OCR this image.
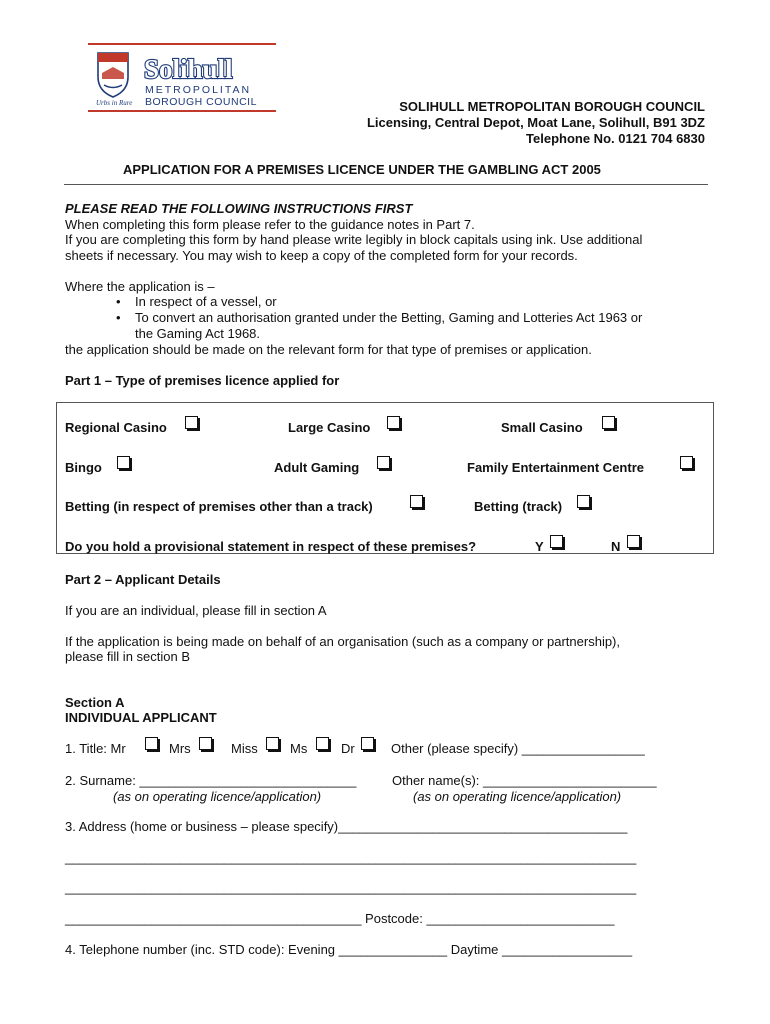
Urbs in Rure
Solihull
METROPOLITAN
BOROUGH COUNCIL	SOLIHULL METROPOLITAN BOROUGH COUNCIL
Licensing, Central Depot, Moat Lane, Solihull, B91 3DZ
Telephone No. 0121 704 6830
APPLICATION FOR A PREMISES LICENCE UNDER THE GAMBLING ACT 2005
PLEASE READ THE FOLLOWING INSTRUCTIONS FIRST
When completing this form please refer to the guidance notes in Part 7.
If you are completing this form by hand please write legibly in block capitals using ink. Use additional
sheets if necessary. You may wish to keep a copy of the completed form for your records.
Where the application is –
• In respect of a vessel, or
• To convert an authorisation granted under the Betting, Gaming and Lotteries Act 1963 or
the Gaming Act 1968.
the application should be made on the relevant form for that type of premises or application.
Part 1 – Type of premises licence applied for
Regional Casino	Large Casino	Small Casino
Bingo	Adult Gaming	Family Entertainment Centre
Betting (in respect of premises other than a track)	Betting (track)
Do you hold a provisional statement in respect of these premises?	Y	N
Part 2 – Applicant Details
If you are an individual, please fill in section A
If the application is being made on behalf of an organisation (such as a company or partnership),
please fill in section B
Section A
INDIVIDUAL APPLICANT
1. Title: Mr	Mrs	Miss Ms	Dr	Other (please specify) _________________
2. Surname: ______________________________	Other name(s): ________________________
(as on operating licence/application)	(as on operating licence/application)
3. Address (home or business – please specify)________________________________________
_______________________________________________________________________________
_______________________________________________________________________________
_________________________________________ Postcode: __________________________
4. Telephone number (inc. STD code): Evening _______________ Daytime __________________
